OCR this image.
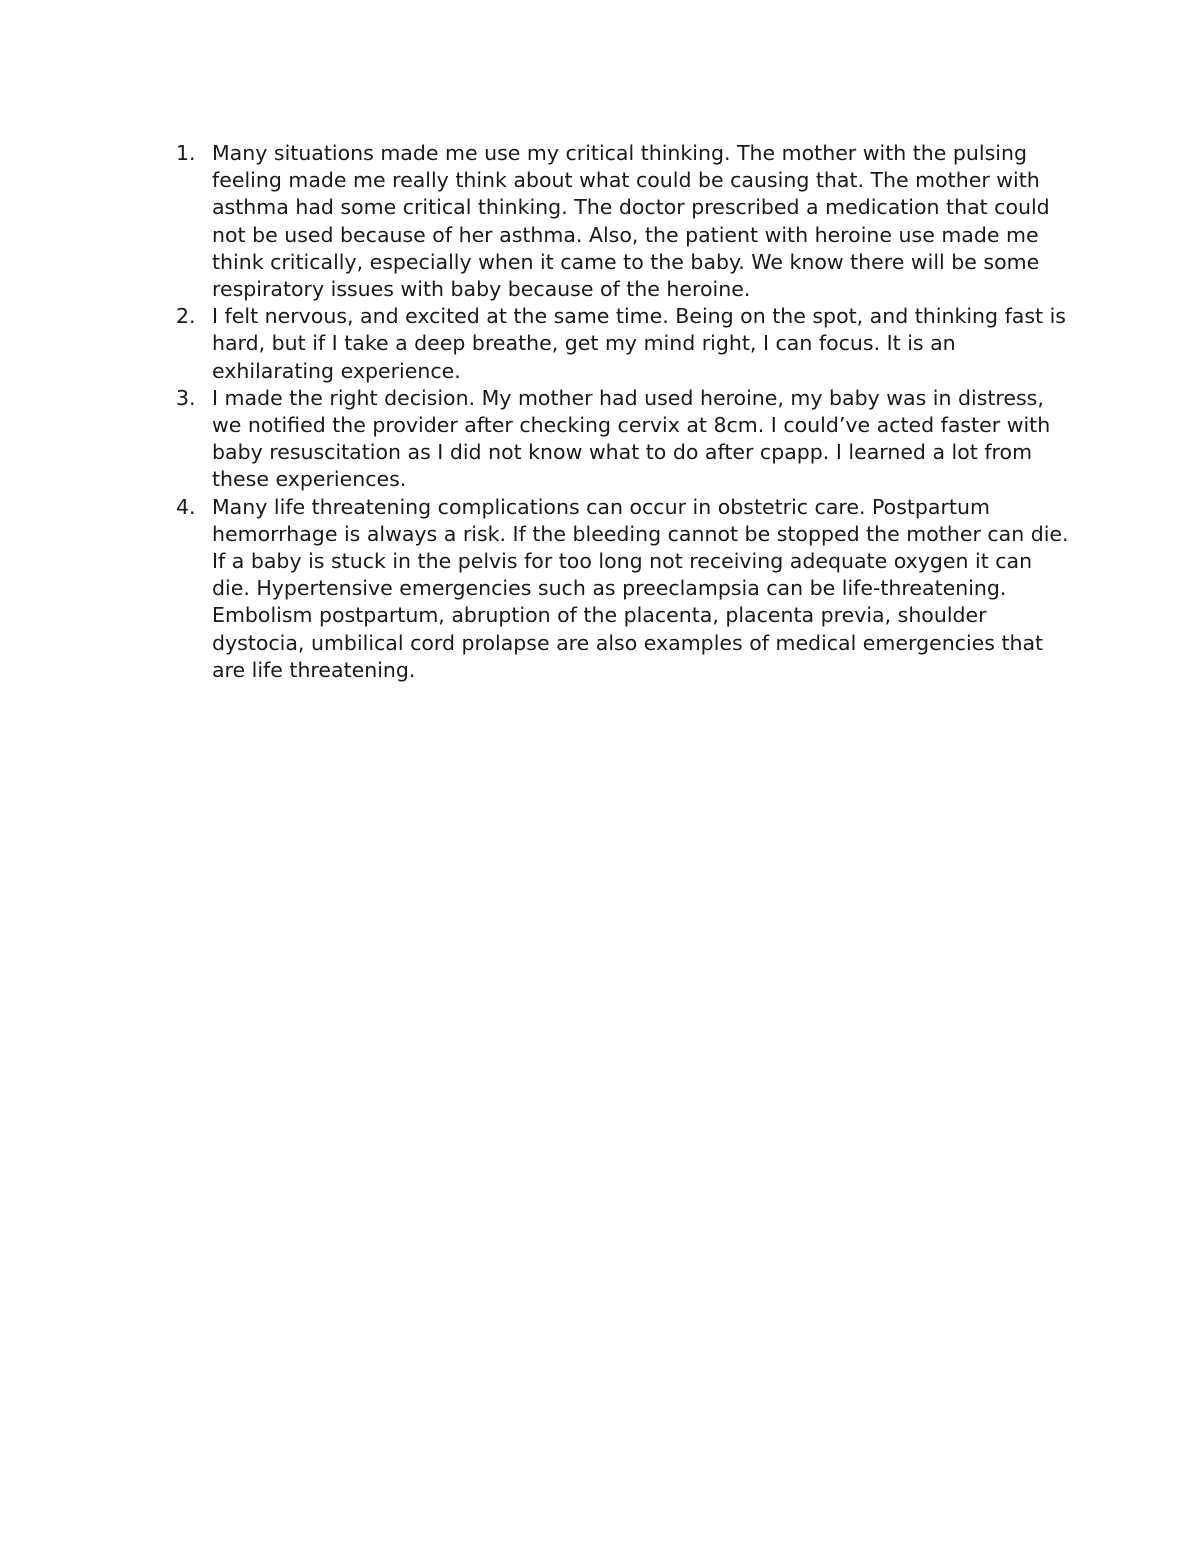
1. Many situations made me use my critical thinking. The mother with the pulsing feeling made me really think about what could be causing that. The mother with asthma had some critical thinking. The doctor prescribed a medication that could not be used because of her asthma. Also, the patient with heroine use made me think critically, especially when it came to the baby. We know there will be some respiratory issues with baby because of the heroine.
2. I felt nervous, and excited at the same time. Being on the spot, and thinking fast is hard, but if I take a deep breathe, get my mind right, I can focus. It is an exhilarating experience.
3. I made the right decision. My mother had used heroine, my baby was in distress, we notified the provider after checking cervix at 8cm. I could’ve acted faster with baby resuscitation as I did not know what to do after cpapp. I learned a lot from these experiences.
4. Many life threatening complications can occur in obstetric care. Postpartum hemorrhage is always a risk. If the bleeding cannot be stopped the mother can die. If a baby is stuck in the pelvis for too long not receiving adequate oxygen it can die. Hypertensive emergencies such as preeclampsia can be life-threatening. Embolism postpartum, abruption of the placenta, placenta previa, shoulder dystocia, umbilical cord prolapse are also examples of medical emergencies that are life threatening.
